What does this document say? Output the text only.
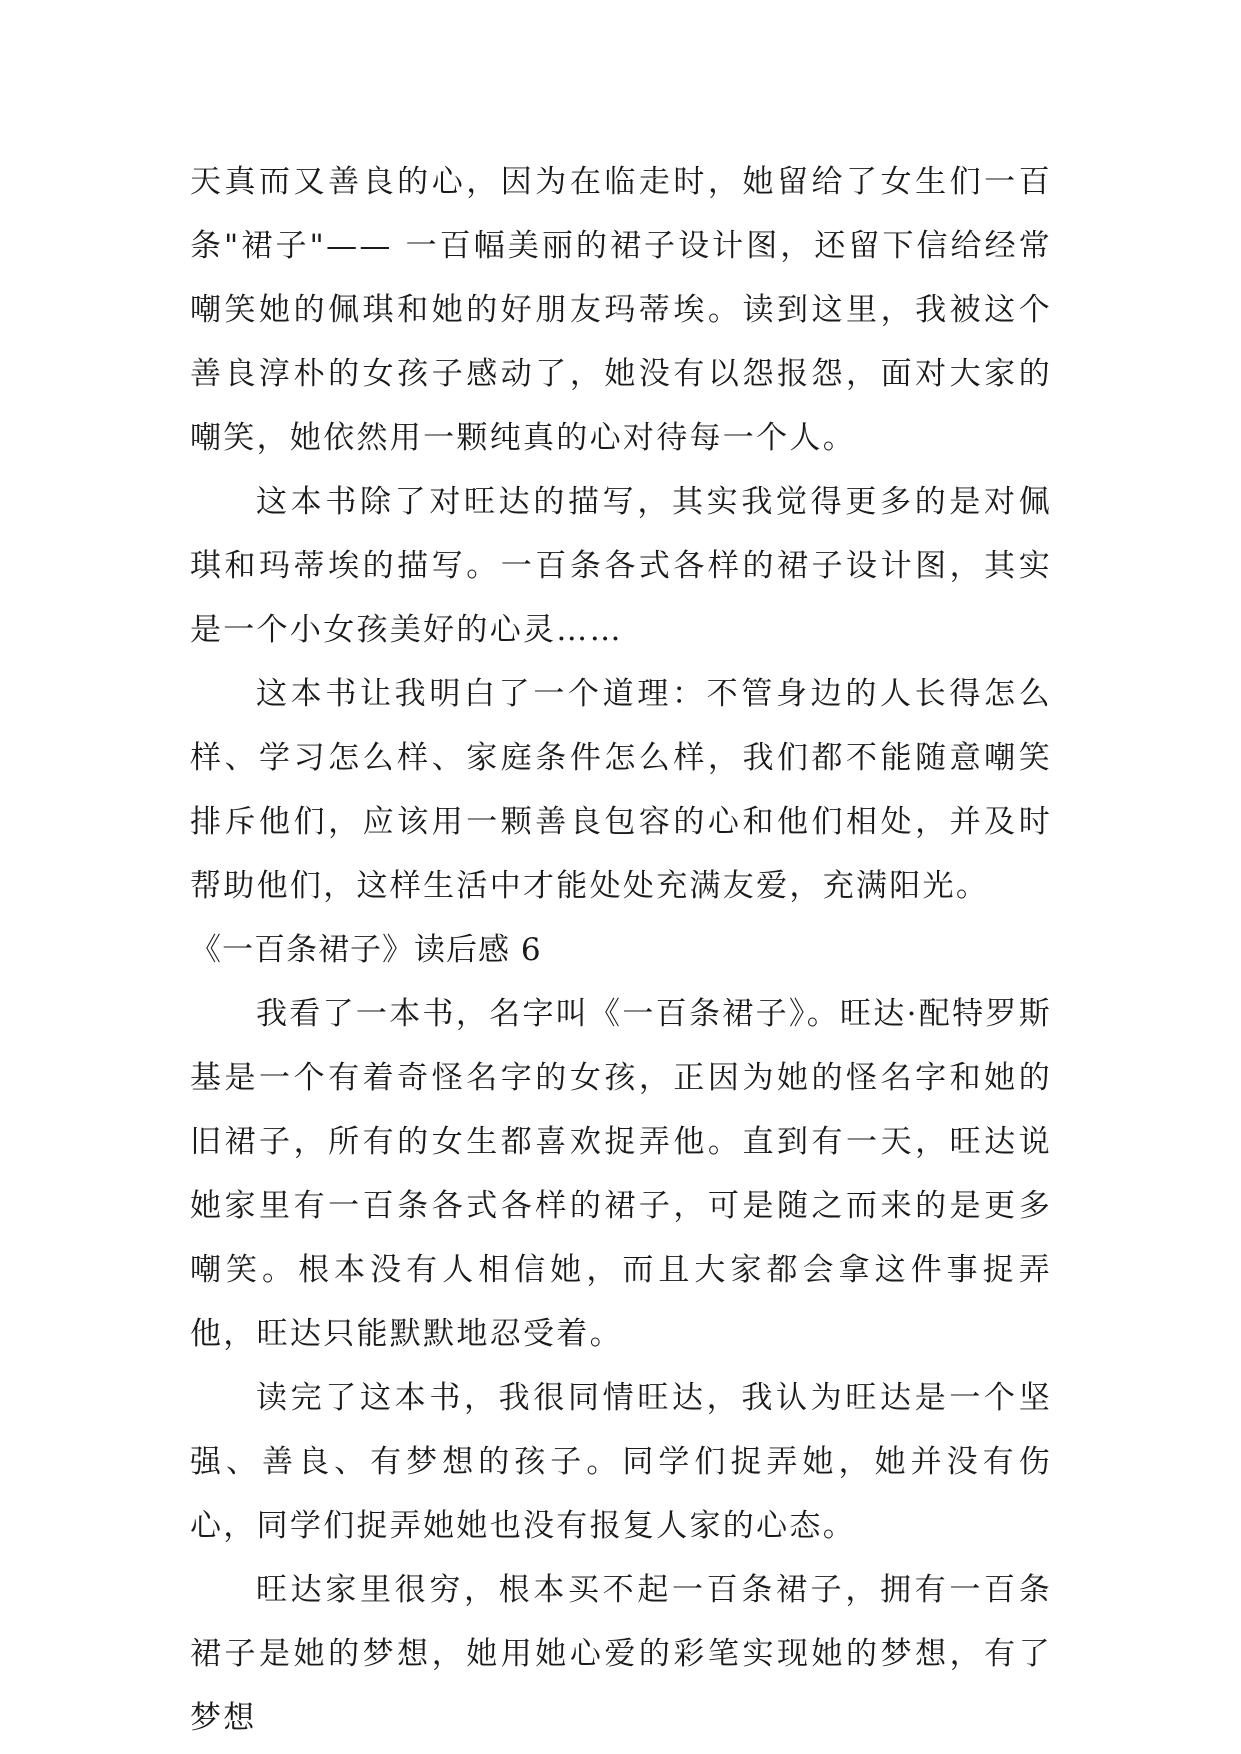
天真而又善良的心，因为在临走时，她留给了女生们一百条"裙子"—— 一百幅美丽的裙子设计图，还留下信给经常嘲笑她的佩琪和她的好朋友玛蒂埃。读到这里，我被这个善良淳朴的女孩子感动了，她没有以怨报怨，面对大家的嘲笑，她依然用一颗纯真的心对待每一个人。

这本书除了对旺达的描写，其实我觉得更多的是对佩琪和玛蒂埃的描写。一百条各式各样的裙子设计图，其实是一个小女孩美好的心灵……

这本书让我明白了一个道理：不管身边的人长得怎么样、学习怎么样、家庭条件怎么样，我们都不能随意嘲笑排斥他们，应该用一颗善良包容的心和他们相处，并及时帮助他们，这样生活中才能处处充满友爱，充满阳光。

《一百条裙子》读后感 6

我看了一本书，名字叫《一百条裙子》。旺达·配特罗斯基是一个有着奇怪名字的女孩，正因为她的怪名字和她的旧裙子，所有的女生都喜欢捉弄他。直到有一天，旺达说她家里有一百条各式各样的裙子，可是随之而来的是更多嘲笑。根本没有人相信她，而且大家都会拿这件事捉弄他，旺达只能默默地忍受着。

读完了这本书，我很同情旺达，我认为旺达是一个坚强、善良、有梦想的孩子。同学们捉弄她，她并没有伤心，同学们捉弄她她也没有报复人家的心态。

旺达家里很穷，根本买不起一百条裙子，拥有一百条裙子是她的梦想，她用她心爱的彩笔实现她的梦想，有了梦想
